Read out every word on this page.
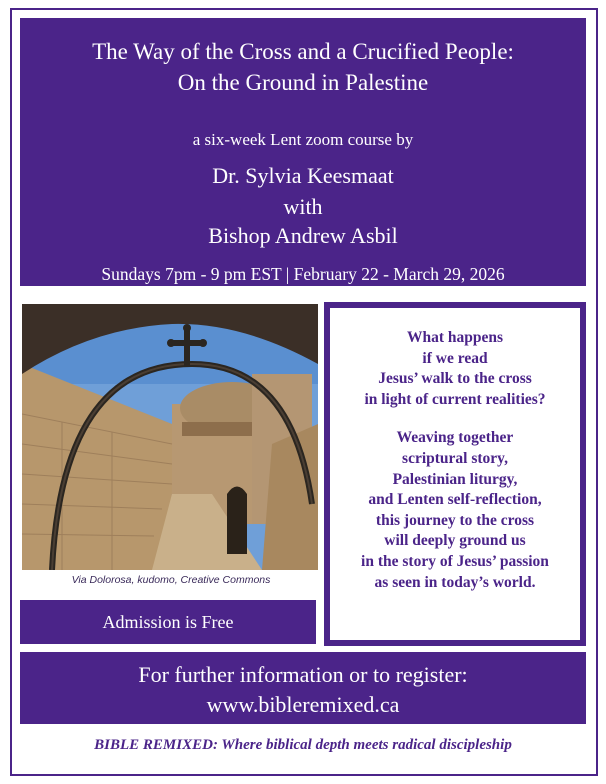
The Way of the Cross and a Crucified People:
On the Ground in Palestine
a six-week Lent zoom course by
Dr. Sylvia Keesmaat
with
Bishop Andrew Asbil
Sundays 7pm - 9 pm EST | February 22 - March 29, 2026
Via Dolorosa, kudomo, Creative Commons
Admission is Free
What happens
if we read
Jesus’ walk to the cross
in light of current realities?
Weaving together
scriptural story,
Palestinian liturgy,
and Lenten self-reflection,
this journey to the cross
will deeply ground us
in the story of Jesus’ passion
as seen in today’s world.
For further information or to register:
www.bibleremixed.ca
BIBLE REMIXED: Where biblical depth meets radical discipleship
